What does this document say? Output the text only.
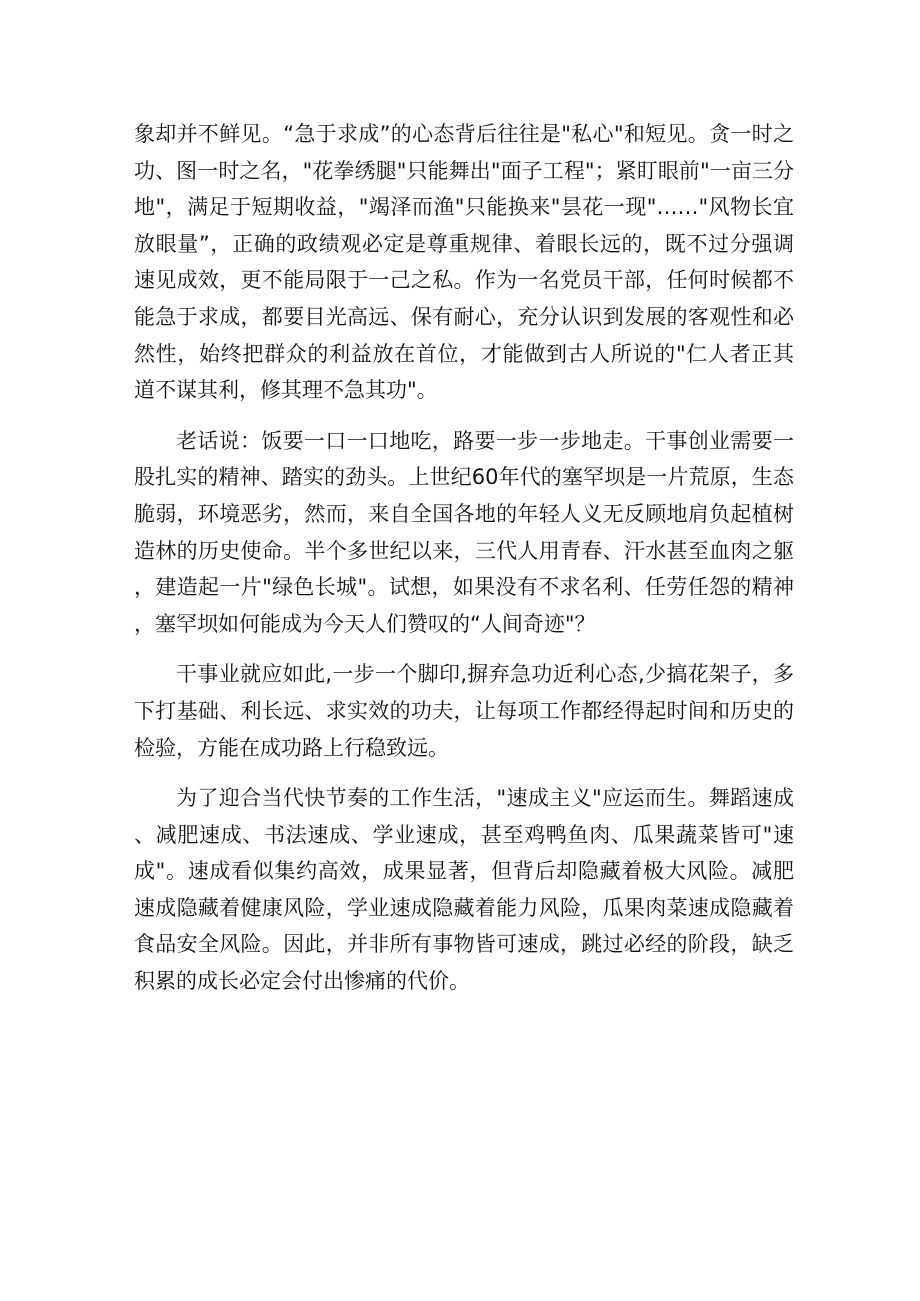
象却并不鲜见。“急于求成”的心态背后往往是"私心"和短见。贪一时之功、图一时之名，"花拳绣腿"只能舞出"面子工程"；紧盯眼前"一亩三分地"，满足于短期收益，"竭泽而渔"只能换来"昙花一现"……"风物长宜放眼量”，正确的政绩观必定是尊重规律、着眼长远的，既不过分强调速见成效，更不能局限于一己之私。作为一名党员干部，任何时候都不能急于求成，都要目光高远、保有耐心，充分认识到发展的客观性和必然性，始终把群众的利益放在首位，才能做到古人所说的"仁人者正其道不谋其利，修其理不急其功"。

老话说：饭要一口一口地吃，路要一步一步地走。干事创业需要一股扎实的精神、踏实的劲头。上世纪60年代的塞罕坝是一片荒原，生态脆弱，环境恶劣，然而，来自全国各地的年轻人义无反顾地肩负起植树造林的历史使命。半个多世纪以来，三代人用青春、汗水甚至血肉之躯，建造起一片"绿色长城"。试想，如果没有不求名利、任劳任怨的精神，塞罕坝如何能成为今天人们赞叹的“人间奇迹"？

干事业就应如此,一步一个脚印,摒弃急功近利心态,少搞花架子，多下打基础、利长远、求实效的功夫，让每项工作都经得起时间和历史的检验，方能在成功路上行稳致远。

为了迎合当代快节奏的工作生活，"速成主义"应运而生。舞蹈速成、减肥速成、书法速成、学业速成，甚至鸡鸭鱼肉、瓜果蔬菜皆可"速成"。速成看似集约高效，成果显著，但背后却隐藏着极大风险。减肥速成隐藏着健康风险，学业速成隐藏着能力风险，瓜果肉菜速成隐藏着食品安全风险。因此，并非所有事物皆可速成，跳过必经的阶段，缺乏积累的成长必定会付出惨痛的代价。
